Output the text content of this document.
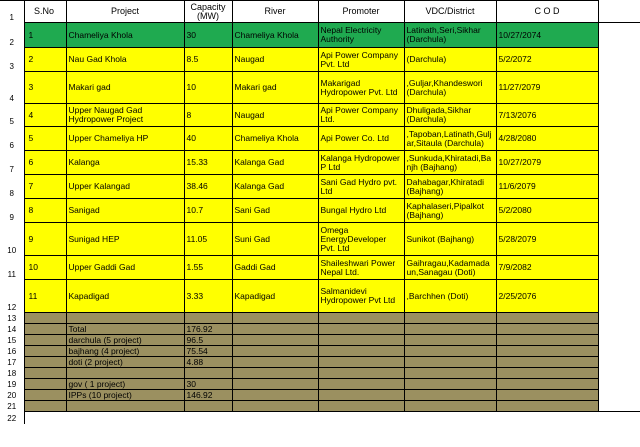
1	S.No	Project	Capacity (MW)	River	Promoter	VDC/District	C O D	
2	1	Chameliya Khola	30	Chameliya Khola	Nepal Electricity Authority	Latinath,Seri,Sikhar (Darchula)	10/27/2074	
3	2	Nau Gad Khola	8.5	Naugad	Api Power Company Pvt. Ltd	(Darchula)	5/2/2072	
4	3	Makari gad	10	Makari gad	Makarigad Hydropower Pvt. Ltd	,Guljar,Khandeswori (Darchula)	11/27/2079	
5	4	Upper Naugad Gad Hydropower Project	8	Naugad	Api Power Company Ltd.	Dhuligada,Sikhar (Darchula)	7/13/2076	
6	5	Upper Chameliya HP	40	Chameliya Khola	Api Power Co. Ltd	,Tapoban,Latinath,Guljar,Sitaula (Darchula)	4/28/2080	
7	6	Kalanga	15.33	Kalanga Gad	Kalanga Hydropower P Ltd	,Sunkuda,Khiratadi,Banjh (Bajhang)	10/27/2079	
8	7	Upper Kalangad	38.46	Kalanga Gad	Sani Gad Hydro pvt. Ltd	Dahabagar,Khiratadi (Bajhang)	11/6/2079	
9	8	Sanigad	10.7	Sani Gad	Bungal Hydro Ltd	Kaphalaseri,Pipalkot (Bajhang)	5/2/2080	
10	9	Sunigad HEP	11.05	Suni Gad	Omega EnergyDeveloper Pvt. Ltd	Sunikot (Bajhang)	5/28/2079	
11	10	Upper Gaddi Gad	1.55	Gaddi Gad	Shaileshwari Power Nepal Ltd.	Gaihragau,Kadamadaun,Sanagau (Doti)	7/9/2082	
12	11	Kapadigad	3.33	Kapadigad	Salmanidevi Hydropower Pvt Ltd	,Barchhen (Doti)	2/25/2076	
13								
14		Total	176.92					
15		darchula (5 project)	96.5					
16		bajhang (4 project)	75.54					
17		doti (2 project)	4.88					
18								
19		gov ( 1 project)	30					
20		IPPs (10 project)	146.92					
21								
22								
